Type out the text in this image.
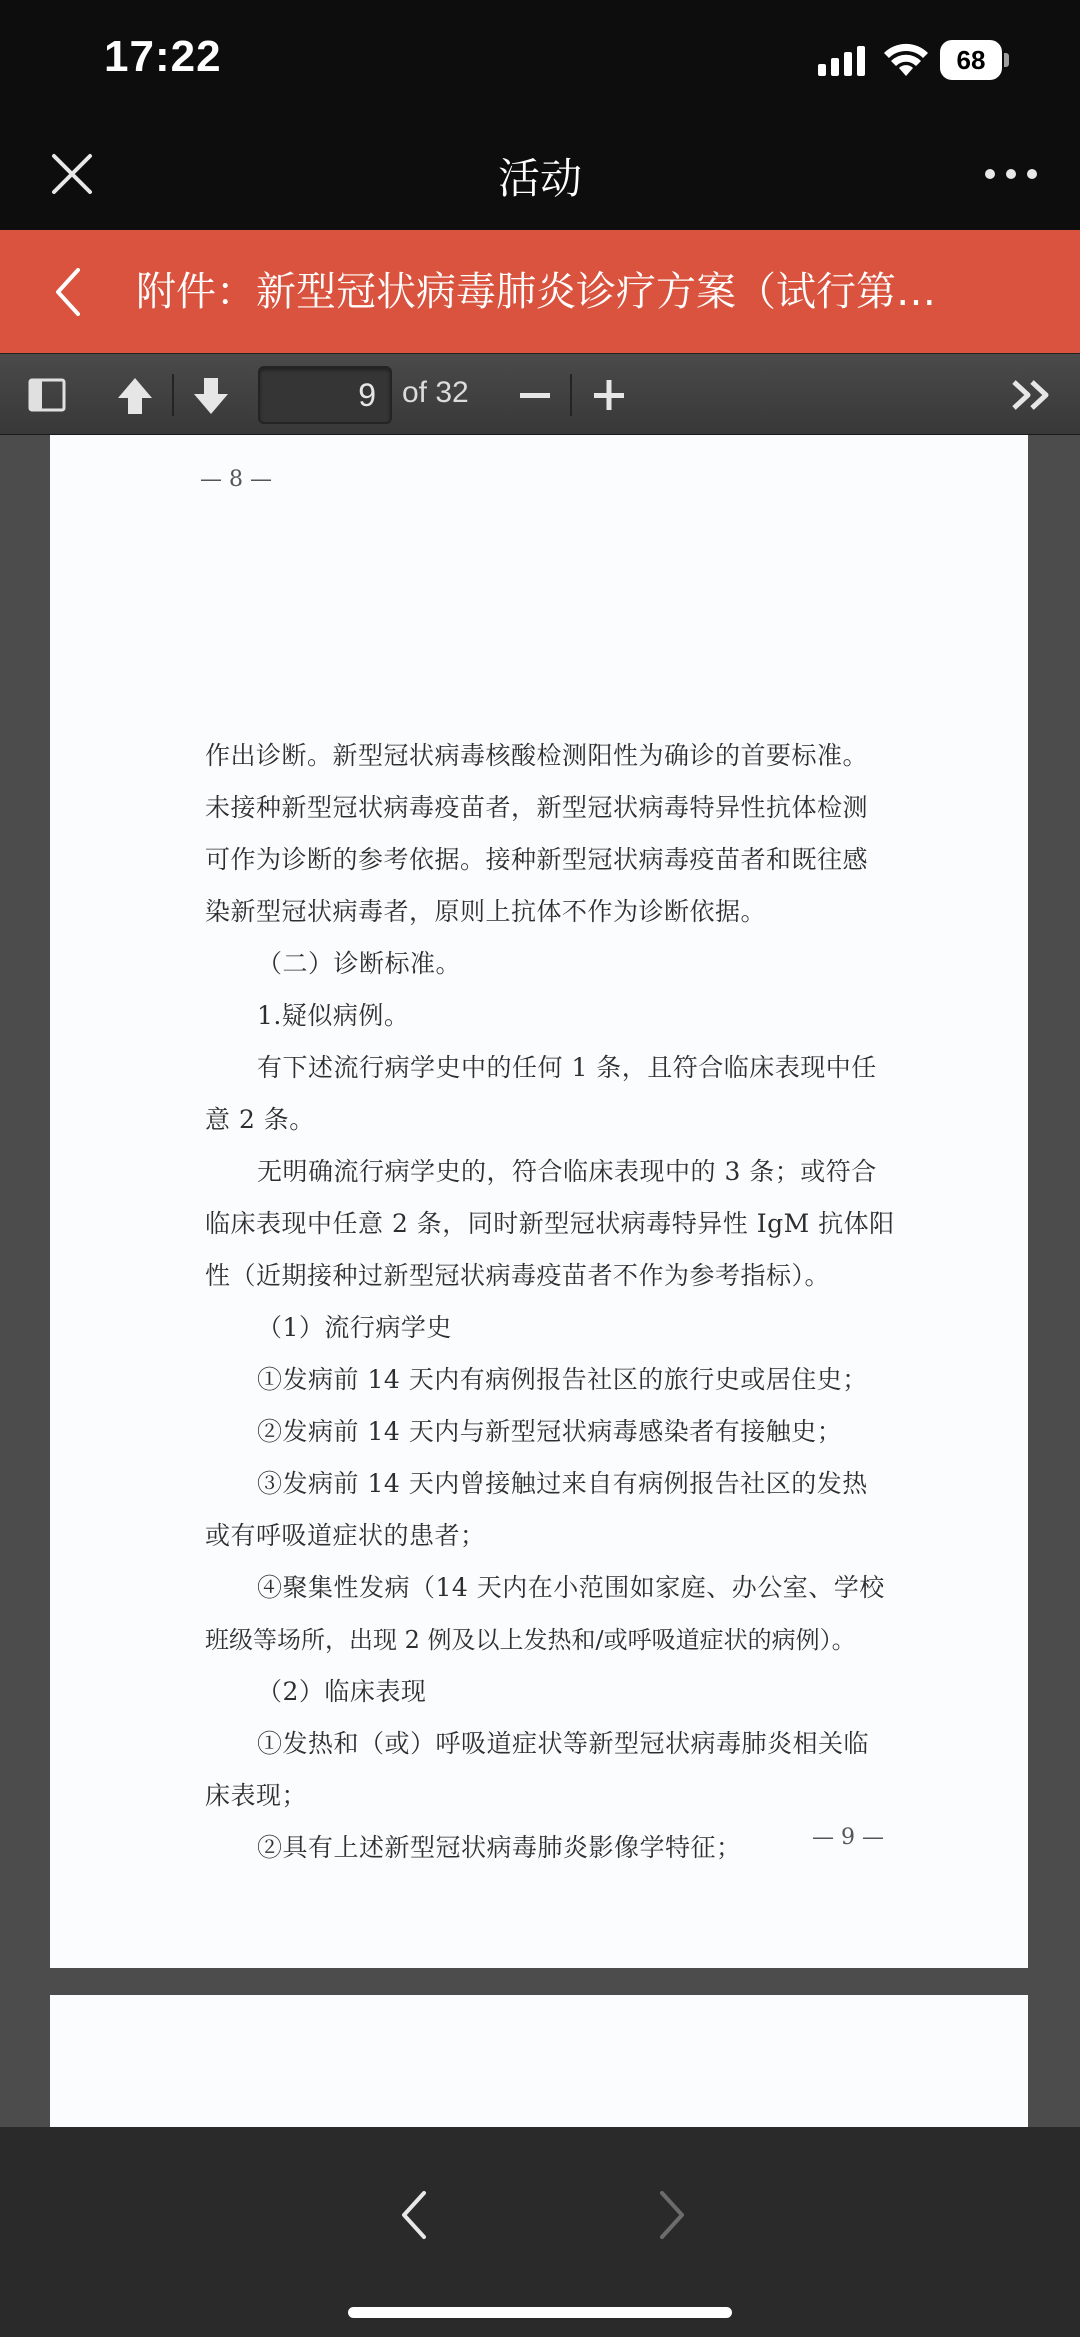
17:22	68
活动
附件：新型冠状病毒肺炎诊疗方案（试行第…
9
of 32
— 8 —
作出诊断。新型冠状病毒核酸检测阳性为确诊的首要标准。
未接种新型冠状病毒疫苗者，新型冠状病毒特异性抗体检测
可作为诊断的参考依据。接种新型冠状病毒疫苗者和既往感
染新型冠状病毒者，原则上抗体不作为诊断依据。
（二）诊断标准。
1.疑似病例。
有下述流行病学史中的任何 1 条，且符合临床表现中任
意 2 条。
无明确流行病学史的，符合临床表现中的 3 条；或符合
临床表现中任意 2 条，同时新型冠状病毒特异性 IgM 抗体阳
性（近期接种过新型冠状病毒疫苗者不作为参考指标）。
（1）流行病学史
①发病前 14 天内有病例报告社区的旅行史或居住史；
②发病前 14 天内与新型冠状病毒感染者有接触史；
③发病前 14 天内曾接触过来自有病例报告社区的发热
或有呼吸道症状的患者；
④聚集性发病（14 天内在小范围如家庭、办公室、学校
班级等场所，出现 2 例及以上发热和/或呼吸道症状的病例）。
（2）临床表现
①发热和（或）呼吸道症状等新型冠状病毒肺炎相关临
床表现；
②具有上述新型冠状病毒肺炎影像学特征；	— 9 —
